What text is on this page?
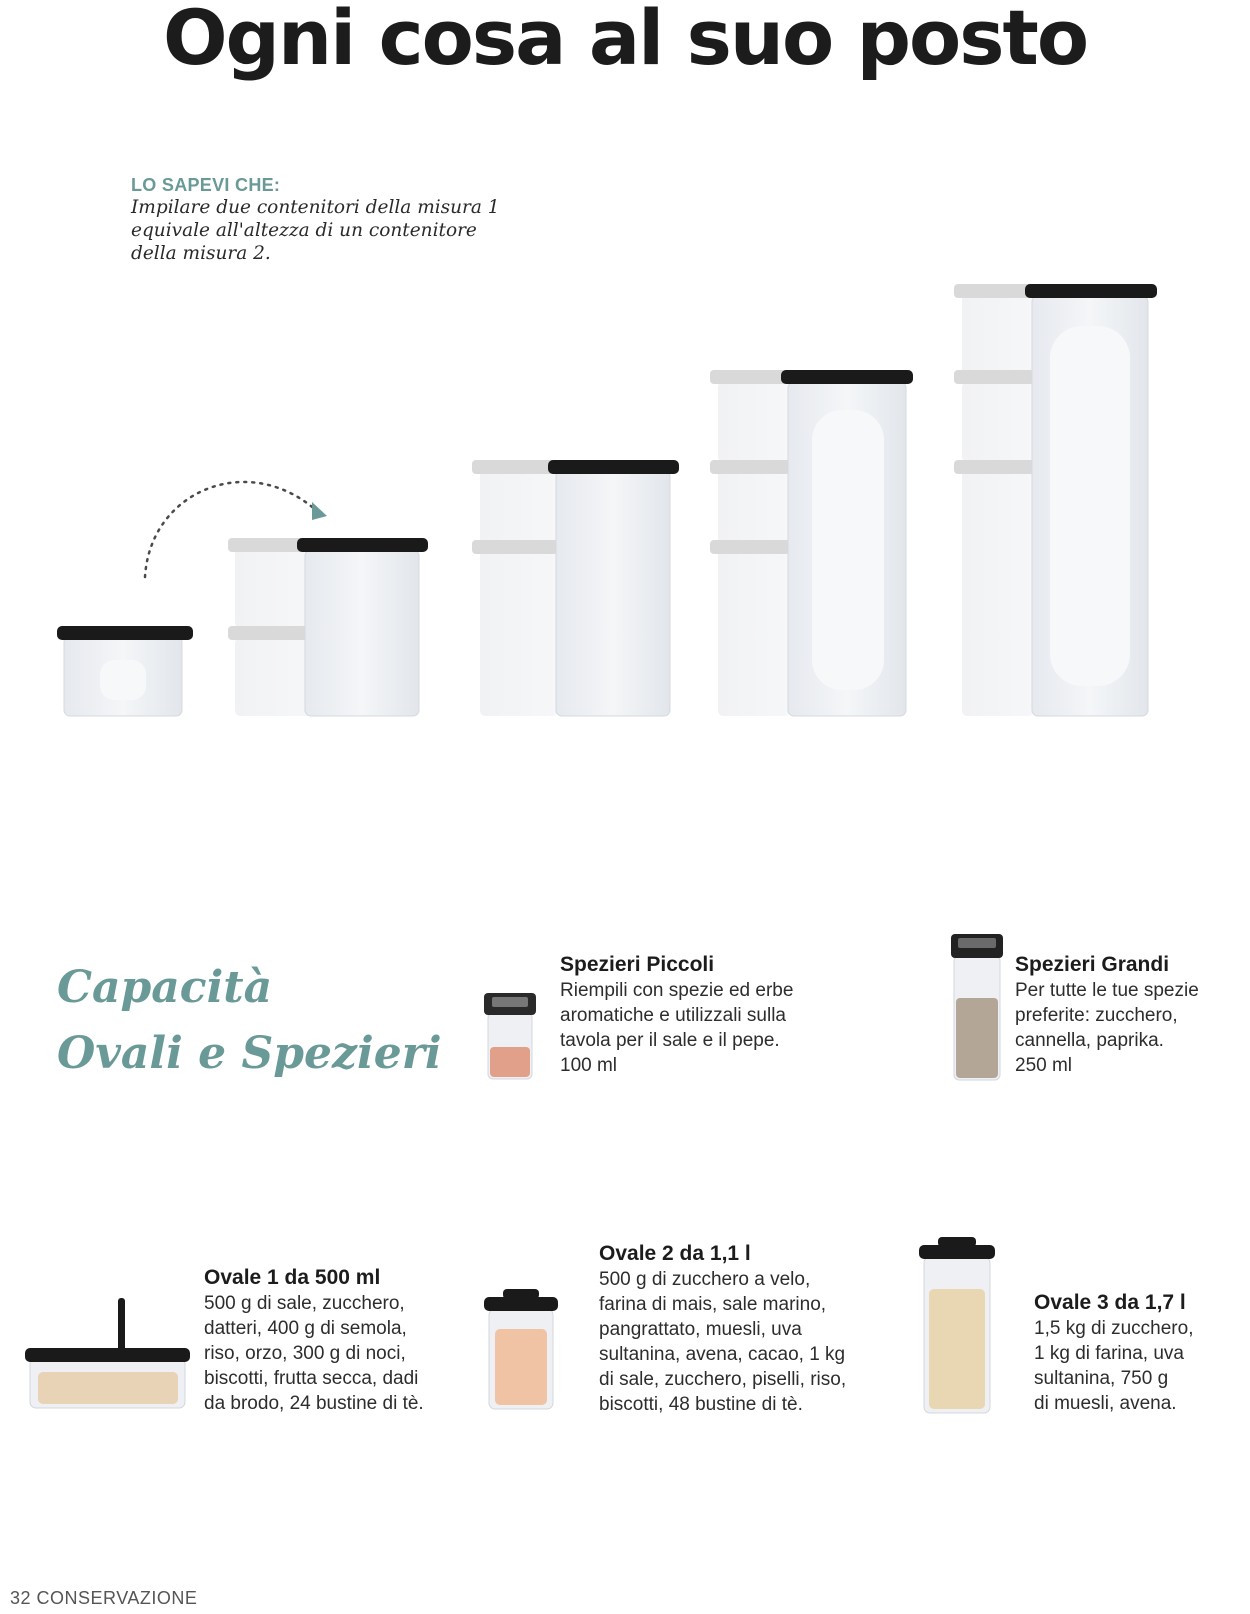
Ogni cosa al suo posto
LO SAPEVI CHE:
Impilare due contenitori della misura 1 equivale all'altezza di un contenitore della misura 2.
Capacità
Ovali e Spezieri
Spezieri Piccoli
Riempili con spezie ed erbe
aromatiche e utilizzali sulla
tavola per il sale e il pepe.
100 ml
Spezieri Grandi
Per tutte le tue spezie
preferite: zucchero,
cannella, paprika.
250 ml
Ovale 1 da 500 ml
500 g di sale, zucchero,
datteri, 400 g di semola,
riso, orzo, 300 g di noci,
biscotti, frutta secca, dadi
da brodo, 24 bustine di tè.
Ovale 2 da 1,1 l
500 g di zucchero a velo,
farina di mais, sale marino,
pangrattato, muesli, uva
sultanina, avena, cacao, 1 kg
di sale, zucchero, piselli, riso,
biscotti, 48 bustine di tè.
Ovale 3 da 1,7 l
1,5 kg di zucchero,
1 kg di farina, uva
sultanina, 750 g
di muesli, avena.
32 CONSERVAZIONE
